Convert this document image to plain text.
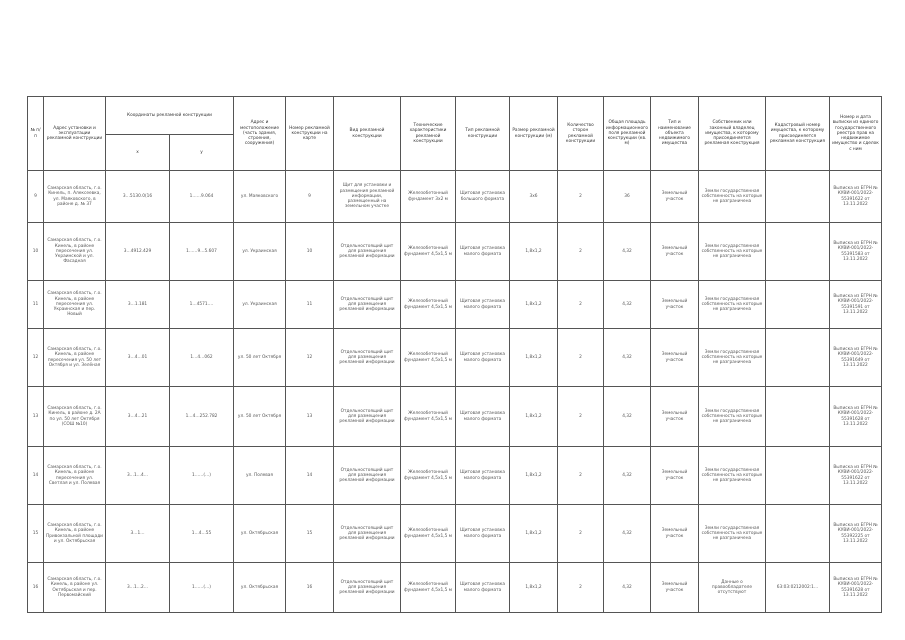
№ п/п	Адрес установки и эксплуатации рекламной конструкции	Координаты рекламной конструкции		Адрес и местоположение (часть здания, строения, сооружения)	Номер рекламной конструкции на карте	Вид рекламной конструкции	Технические характеристики рекламной конструкции	Тип рекламной конструкции	Размер рекламной конструкции (м)	Количество сторон рекламной конструкции	Общая площадь информационного поля рекламной конструкции (кв. м)	Тип и наименование объекта недвижимого имущества	Собственник или законный владелец имущества, к которому присоединяется рекламная конструкция	Кадастровый номер имущества, к которому присоединяется рекламная конструкция	Номер и дата выписки из единого государственного реестра прав на недвижимое имущество и сделок с ним
		x	y												
9	Самарская область, г.о. Кинель, п. Алексеевка, ул. Маяковского, в районе д. № 37	3…5130.0(16	1……9.064	ул. Маяковского	9	Щит для установки и размещения рекламной информации, размещенный на земельном участке	Железобетонный фундамент 3х2 м	Щитовая установка большого формата	3х6	2	36	Земельный участок	Земли государственная собственность на которые не разграничена		Выписка из ЕГРН № КУВИ-001/2022-55391622 от 13.11.2022
10	Самарская область, г.о. Кинель, в районе пересечения ул. Украинской и ул. Фасадная	3…4912.429	1……9…5.607	ул. Украинская	10	Отдельностоящий щит для размещения рекламной информации	Железобетонный фундамент 4,5х1,5 м	Щитовая установка малого формата	1,8х1,2	2	4,32	Земельный участок	Земли государственная собственность на которые не разграничена		Выписка из ЕГРН № КУВИ-001/2022-55391583 от 13.11.2022
11	Самарская область, г.о. Кинель, в районе пересечения ул. Украинская и пер. Новый	3…1.181	1…4571.…	ул. Украинская	11	Отдельностоящий щит для размещения рекламной информации	Железобетонный фундамент 4,5х1,5 м	Щитовая установка малого формата	1,8х1,2	2	4,32	Земельный участок	Земли государственная собственность на которые не разграничена		Выписка из ЕГРН № КУВИ-001/2022-55391591 от 13.11.2022
12	Самарская область, г.о. Кинель, в районе пересечения ул. 50 лет Октября и ул. Зелёная	3…4…01	1…4…062	ул. 50 лет Октября	12	Отдельностоящий щит для размещения рекламной информации	Железобетонный фундамент 4,5х1,5 м	Щитовая установка малого формата	1,8х1,2	2	4,32	Земельный участок	Земли государственная собственность на которые не разграничена		Выписка из ЕГРН № КУВИ-001/2022-55391649 от 13.11.2022
13	Самарская область, г.о. Кинель, в районе д. 2А по ул. 50 лет Октября (СОШ №10)	3…4…21	1…4…252.782	ул. 50 лет Октября	13	Отдельностоящий щит для размещения рекламной информации	Железобетонный фундамент 4,5х1,5 м	Щитовая установка малого формата	1,8х1,2	2	4,32	Земельный участок	Земли государственная собственность на которые не разграничена		Выписка из ЕГРН № КУВИ-001/2022-55391628 от 13.11.2022
14	Самарская область, г.о. Кинель, в районе пересечения ул. Светлая и ул. Полевая	3…1…4…	1……(…)	ул. Полевая	14	Отдельностоящий щит для размещения рекламной информации	Железобетонный фундамент 4,5х1,5 м	Щитовая установка малого формата	1,8х1,2	2	4,32	Земельный участок	Земли государственная собственность на которые не разграничена		Выписка из ЕГРН № КУВИ-001/2022-55391622 от 13.11.2022
15	Самарская область, г.о. Кинель, в районе Привокзальной площади и ул. Октябрьская	3…1…	1…4…55	ул. Октябрьская	15	Отдельностоящий щит для размещения рекламной информации	Железобетонный фундамент 4,5х1,5 м	Щитовая установка малого формата	1,8х1,2	2	4,32	Земельный участок	Земли государственная собственность на которые не разграничена		Выписка из ЕГРН № КУВИ-001/2022-55392225 от 13.11.2022
16	Самарская область, г.о. Кинель, в районе ул. Октябрьская и пер. Первомайский	3…1…2…	1……(…)	ул. Октябрьская	16	Отдельностоящий щит для размещения рекламной информации	Железобетонный фундамент 4,5х1,5 м	Щитовая установка малого формата	1,8х1,2	2	4,32	Земельный участок	Данные о правообладателе отсутствуют	63:03:0212002:1…	Выписка из ЕГРН № КУВИ-001/2022-55391628 от 13.11.2022
